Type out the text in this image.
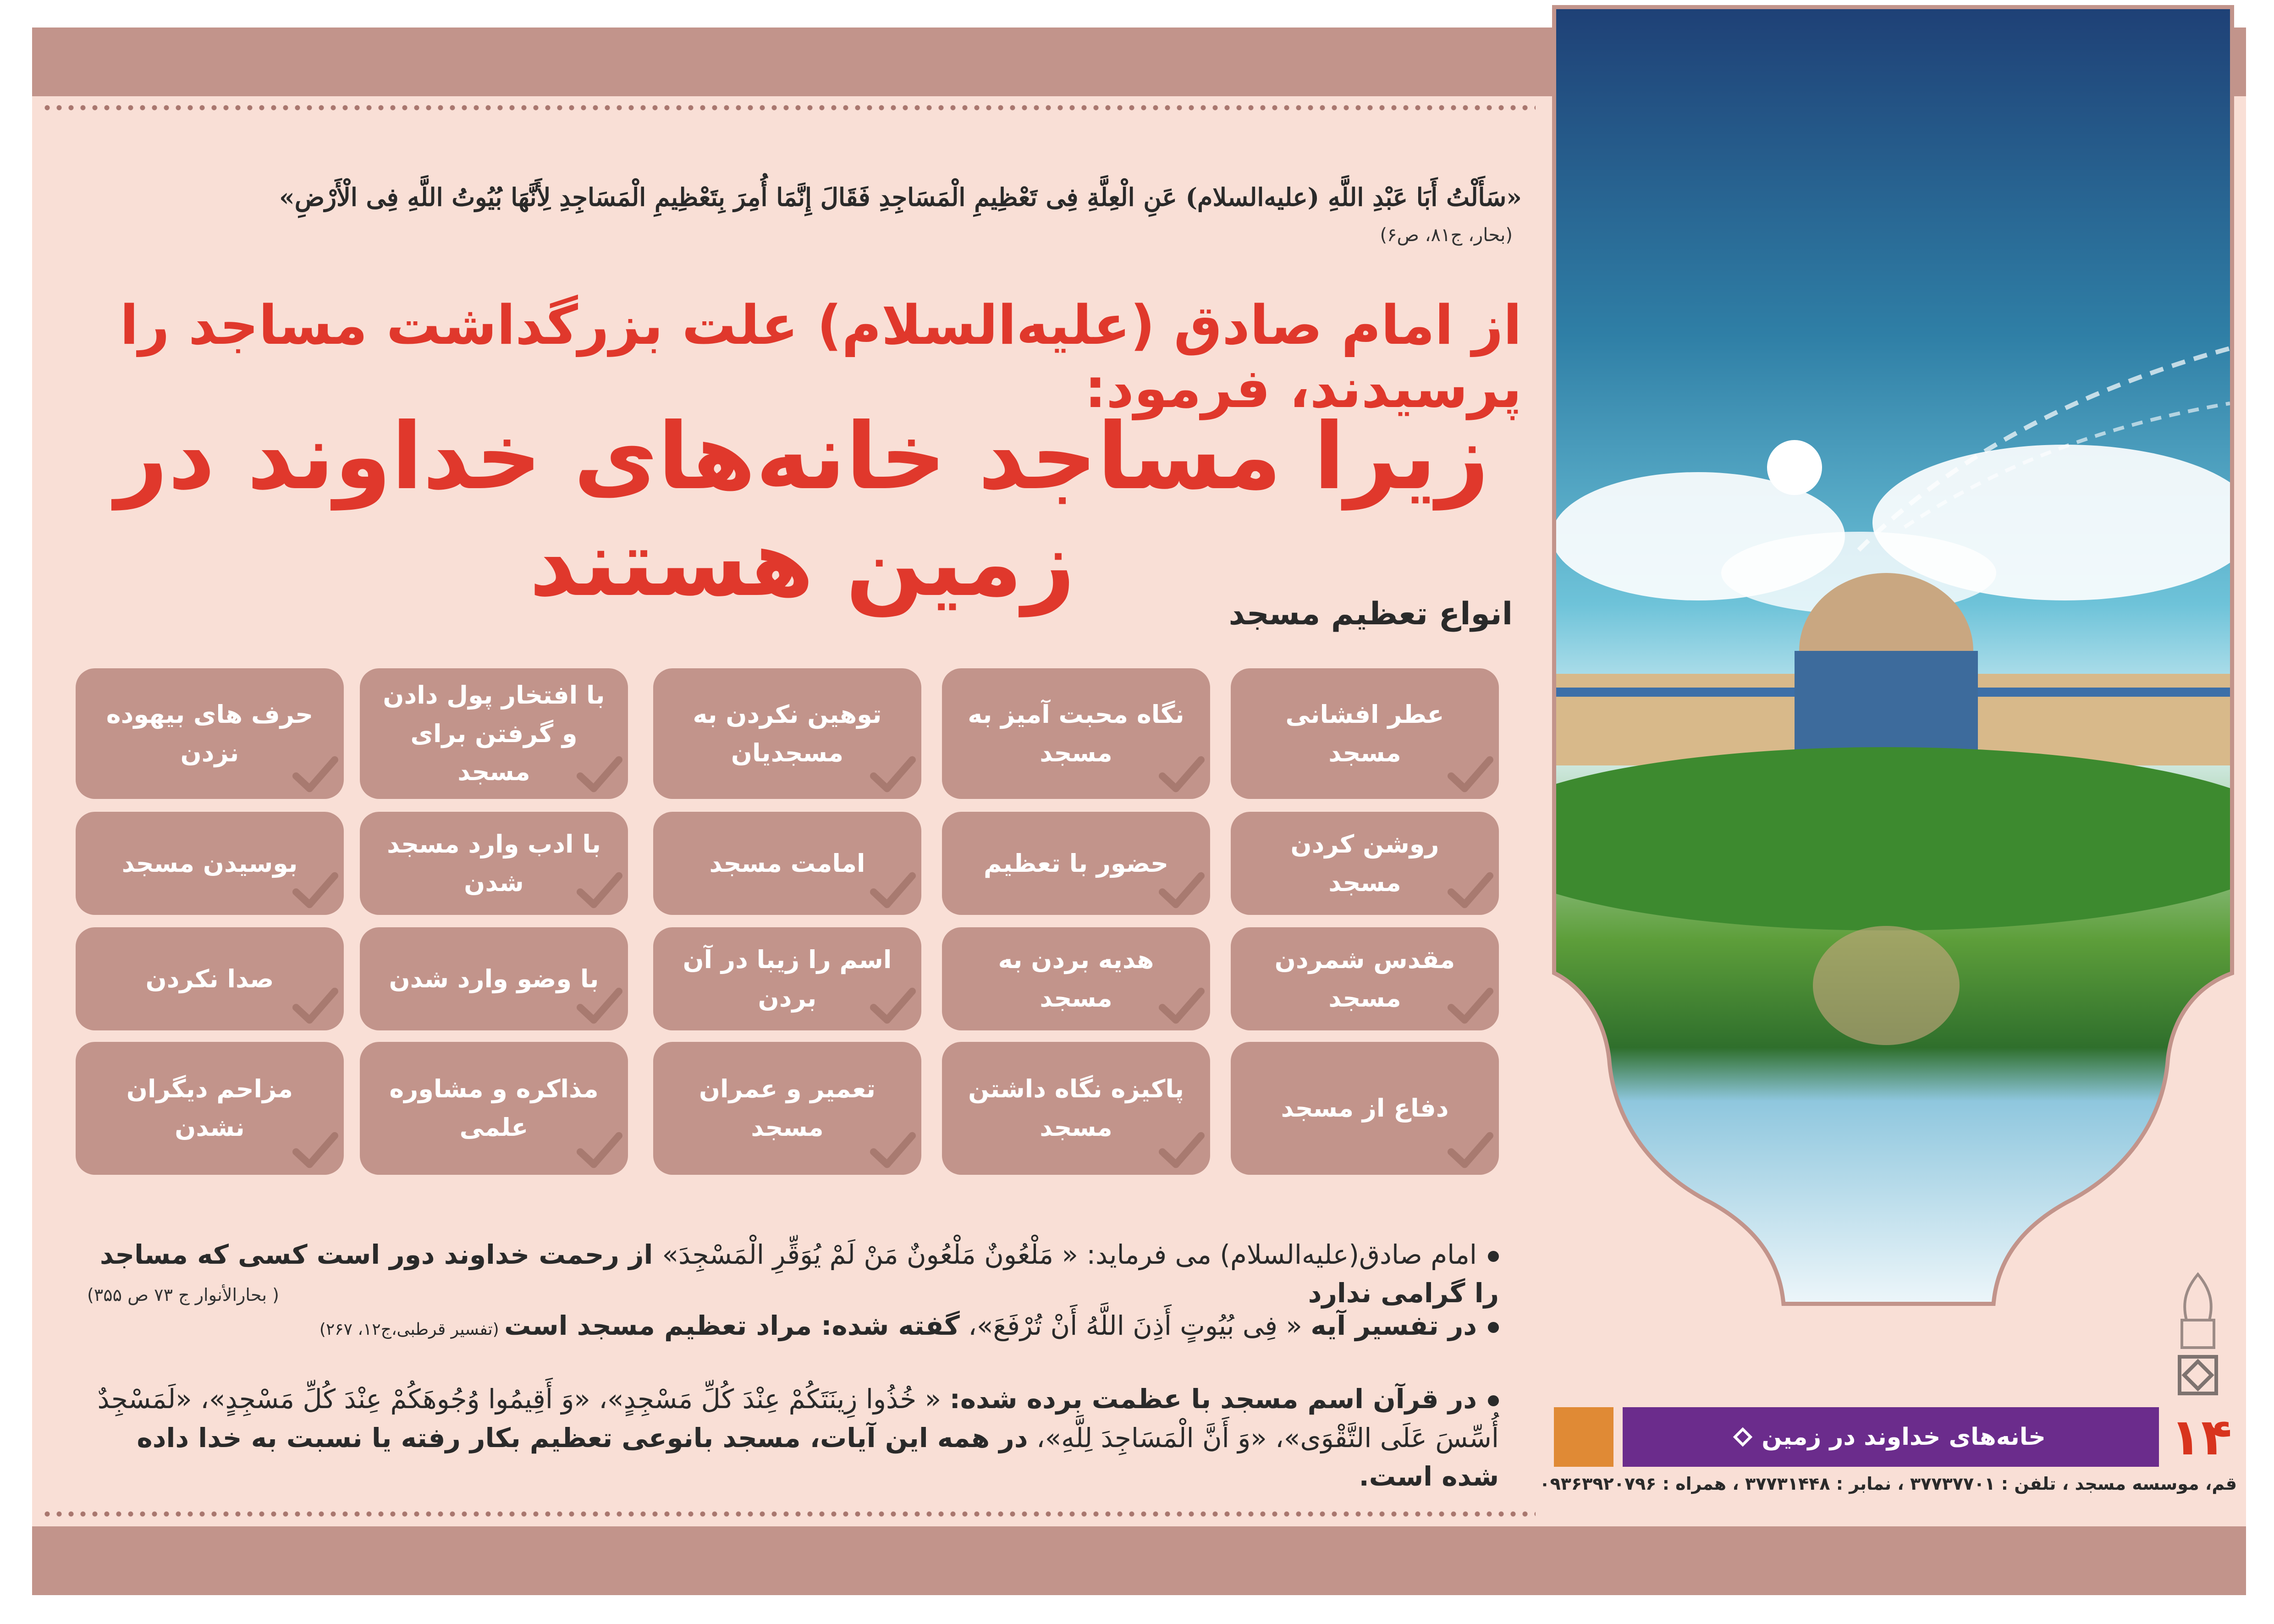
«سَأَلْتُ أَبَا عَبْدِ اللَّهِ (عليه‌السلام) عَنِ الْعِلَّةِ فِی تَعْظِیمِ الْمَسَاجِدِ فَقَالَ إِنَّمَا أُمِرَ بِتَعْظِیمِ الْمَسَاجِدِ لِأَنَّهَا بُیُوتُ اللَّهِ فِی الْأَرْضِ»
(بحار، ج۸۱، ص۶)
از امام صادق (علیه‌السلام) علت بزرگداشت مساجد را پرسیدند، فرمود:
زیرا مساجد خانه‌های خداوند در زمین هستند	انواع تعظیم مسجد
عطر افشانی مسجد
نگاه محبت آمیز به مسجد
توهین نکردن به مسجدیان
با افتخار پول دادن و گرفتن برای مسجد
حرف های بیهوده نزدن
روشن کردن مسجد
حضور با تعظیم
امامت مسجد
با ادب وارد مسجد شدن
بوسیدن مسجد
مقدس شمردن مسجد
هدیه بردن به مسجد
اسم را زیبا در آن بردن
با وضو وارد شدن
صدا نکردن
دفاع از مسجد
پاکیزه نگاه داشتن مسجد
تعمیر و عمران مسجد
مذاکره و مشاوره علمی
مزاحم دیگران نشدن
امام صادق(علیه‌السلام) می فرماید: « مَلْعُونٌ مَلْعُونٌ مَنْ لَمْ یُوَقِّرِ الْمَسْجِدَ» از رحمت خداوند دور است کسی که مساجد را گرامی ندارد
( بحارالأنوار ج ۷۳ ص ۳۵۵)
در تفسیر آیه « فِی بُیُوتٍ أَذِنَ اللَّهُ أَنْ تُرْفَعَ»، گفته شده: مراد تعظیم مسجد است (تفسیر قرطبی،ج۱۲، ۲۶۷)
در قرآن اسم مسجد با عظمت برده شده: « خُذُوا زِینَتَکُمْ عِنْدَ کُلِّ مَسْجِدٍ»، «وَ أَقِیمُوا وُجُوهَکُمْ عِنْدَ کُلِّ مَسْجِدٍ»، «لَمَسْجِدٌ
أُسِّسَ عَلَى التَّقْوَى»، «وَ أَنَّ الْمَسَاجِدَ لِلَّهِ»، در همه این آیات، مسجد بانوعی تعظیم بکار رفته یا نسبت به خدا داده شده است.
خانه‌های خداوند در زمین ۱۴
قم، موسسه مسجد ، تلفن : ۳۷۷۳۷۷۰۱ ، نمابر : ۳۷۷۳۱۴۴۸ ، همراه : ۰۹۳۶۳۹۲۰۷۹۶
